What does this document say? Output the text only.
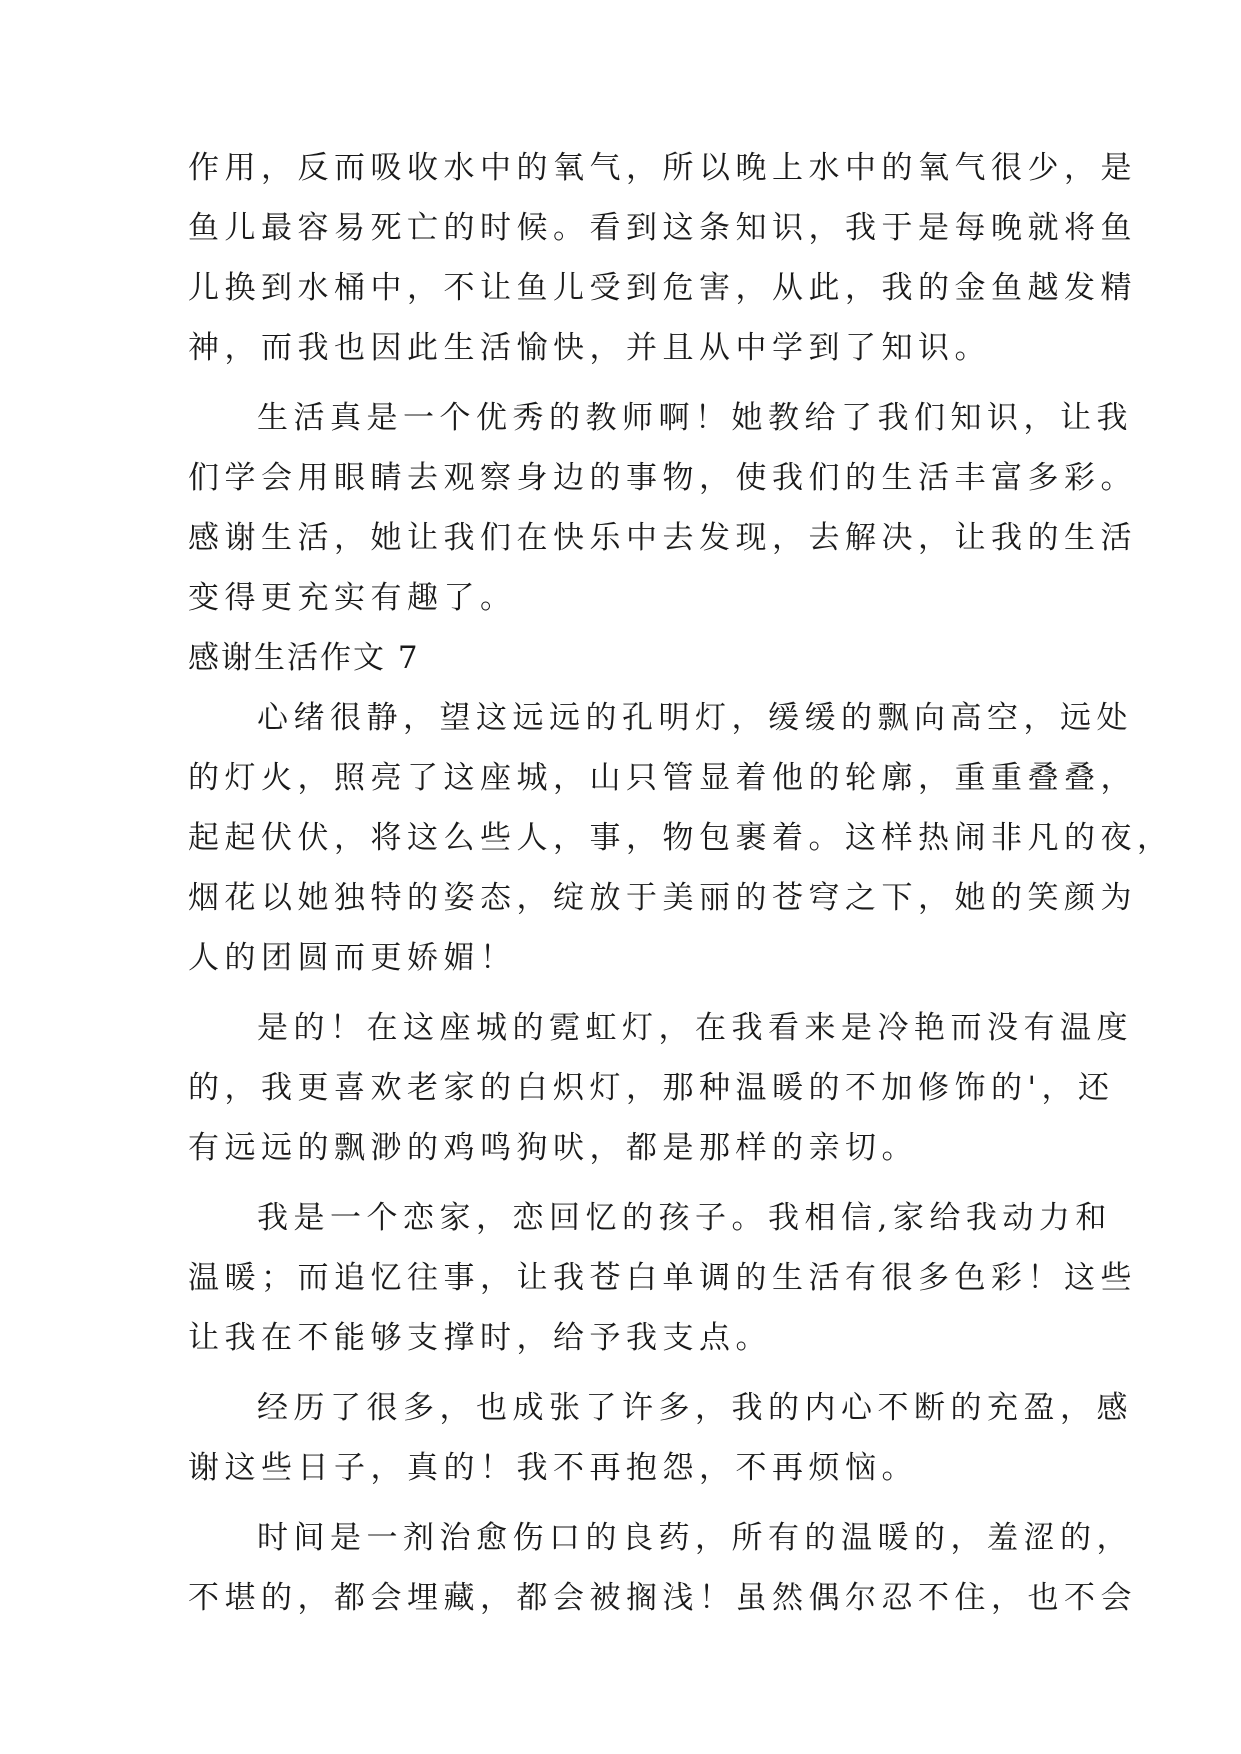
作用，反而吸收水中的氧气，所以晚上水中的氧气很少，是
鱼儿最容易死亡的时候。看到这条知识，我于是每晚就将鱼
儿换到水桶中，不让鱼儿受到危害，从此，我的金鱼越发精
神，而我也因此生活愉快，并且从中学到了知识。
生活真是一个优秀的教师啊！她教给了我们知识，让我
们学会用眼睛去观察身边的事物，使我们的生活丰富多彩。
感谢生活，她让我们在快乐中去发现，去解决，让我的生活
变得更充实有趣了。
感谢生活作文 7
心绪很静，望这远远的孔明灯，缓缓的飘向高空，远处
的灯火，照亮了这座城，山只管显着他的轮廓，重重叠叠，
起起伏伏，将这么些人，事，物包裹着。这样热闹非凡的夜，
烟花以她独特的姿态，绽放于美丽的苍穹之下，她的笑颜为
人的团圆而更娇媚！
是的！在这座城的霓虹灯，在我看来是冷艳而没有温度
的，我更喜欢老家的白炽灯，那种温暖的不加修饰的'，还
有远远的飘渺的鸡鸣狗吠，都是那样的亲切。
我是一个恋家，恋回忆的孩子。我相信,家给我动力和
温暖；而追忆往事，让我苍白单调的生活有很多色彩！这些
让我在不能够支撑时，给予我支点。
经历了很多，也成张了许多，我的内心不断的充盈，感
谢这些日子，真的！我不再抱怨，不再烦恼。
时间是一剂治愈伤口的良药，所有的温暖的，羞涩的，
不堪的，都会埋藏，都会被搁浅！虽然偶尔忍不住，也不会
